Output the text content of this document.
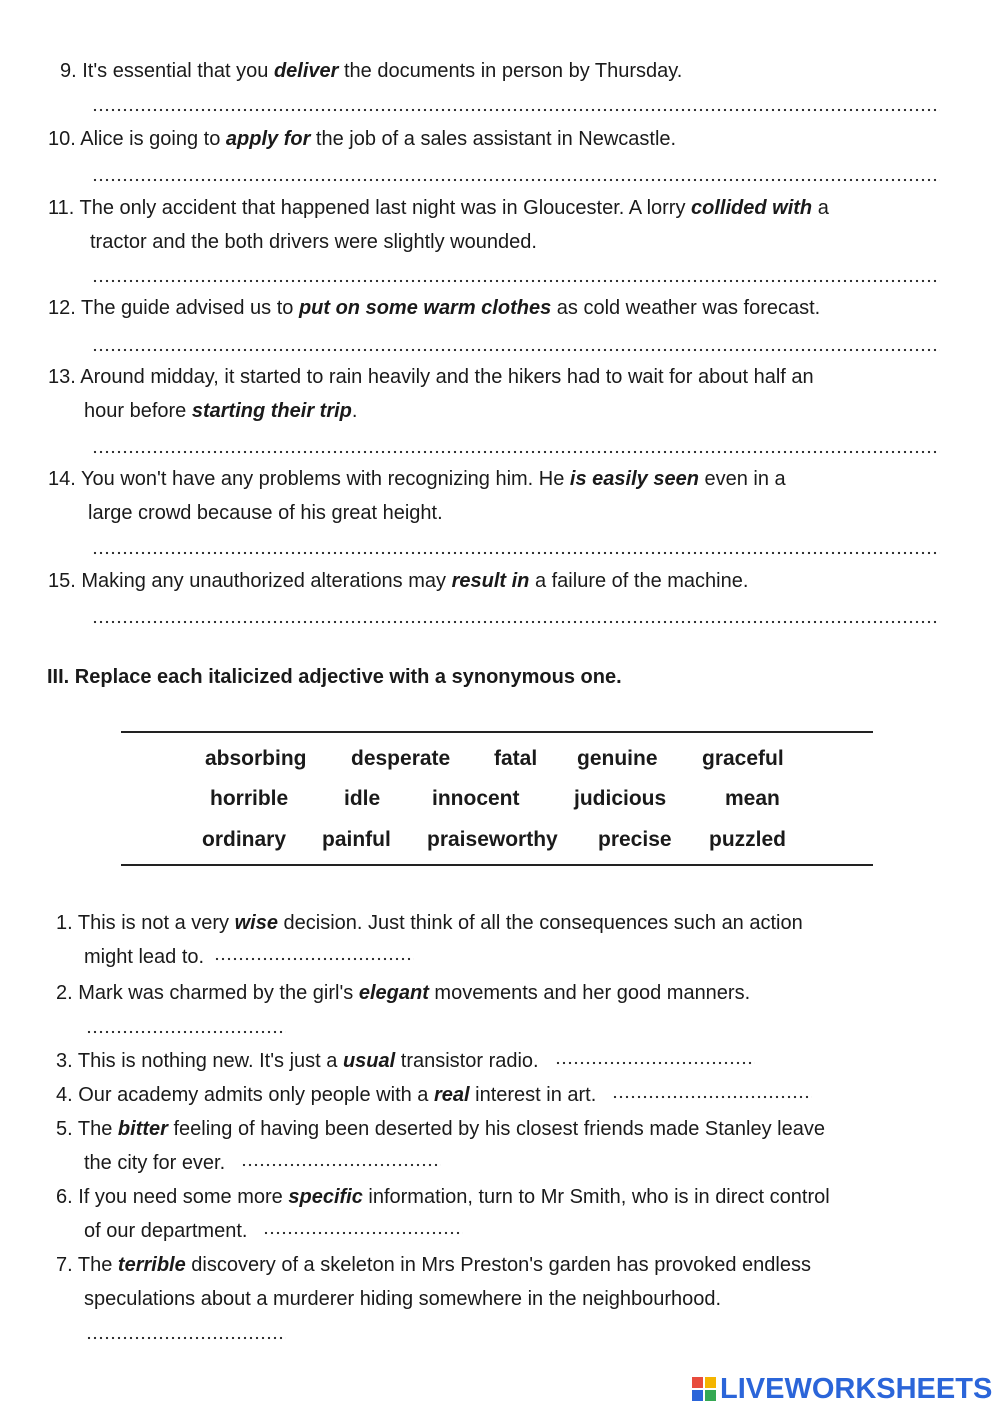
9. It's essential that you deliver the documents in person by Thursday.
10. Alice is going to apply for the job of a sales assistant in Newcastle.
11. The only accident that happened last night was in Gloucester. A lorry collided with a
tractor and the both drivers were slightly wounded.
12. The guide advised us to put on some warm clothes as cold weather was forecast.
13. Around midday, it started to rain heavily and the hikers had to wait for about half an
hour before starting their trip.
14. You won't have any problems with recognizing him. He is easily seen even in a
large crowd because of his great height.
15. Making any unauthorized alterations may result in a failure of the machine.
III. Replace each italicized adjective with a synonymous one.
absorbing desperate fatal genuine graceful
horrible	idle innocent	judicious	mean
ordinary painful praiseworthy precise puzzled
1. This is not a very wise decision. Just think of all the consequences such an action
might lead to.
2. Mark was charmed by the girl's elegant movements and her good manners.
3. This is nothing new. It's just a usual transistor radio.
4. Our academy admits only people with a real interest in art.
5. The bitter feeling of having been deserted by his closest friends made Stanley leave
the city for ever.
6. If you need some more specific information, turn to Mr Smith, who is in direct control
of our department.
7. The terrible discovery of a skeleton in Mrs Preston's garden has provoked endless
speculations about a murderer hiding somewhere in the neighbourhood.
LIVEWORKSHEETS
